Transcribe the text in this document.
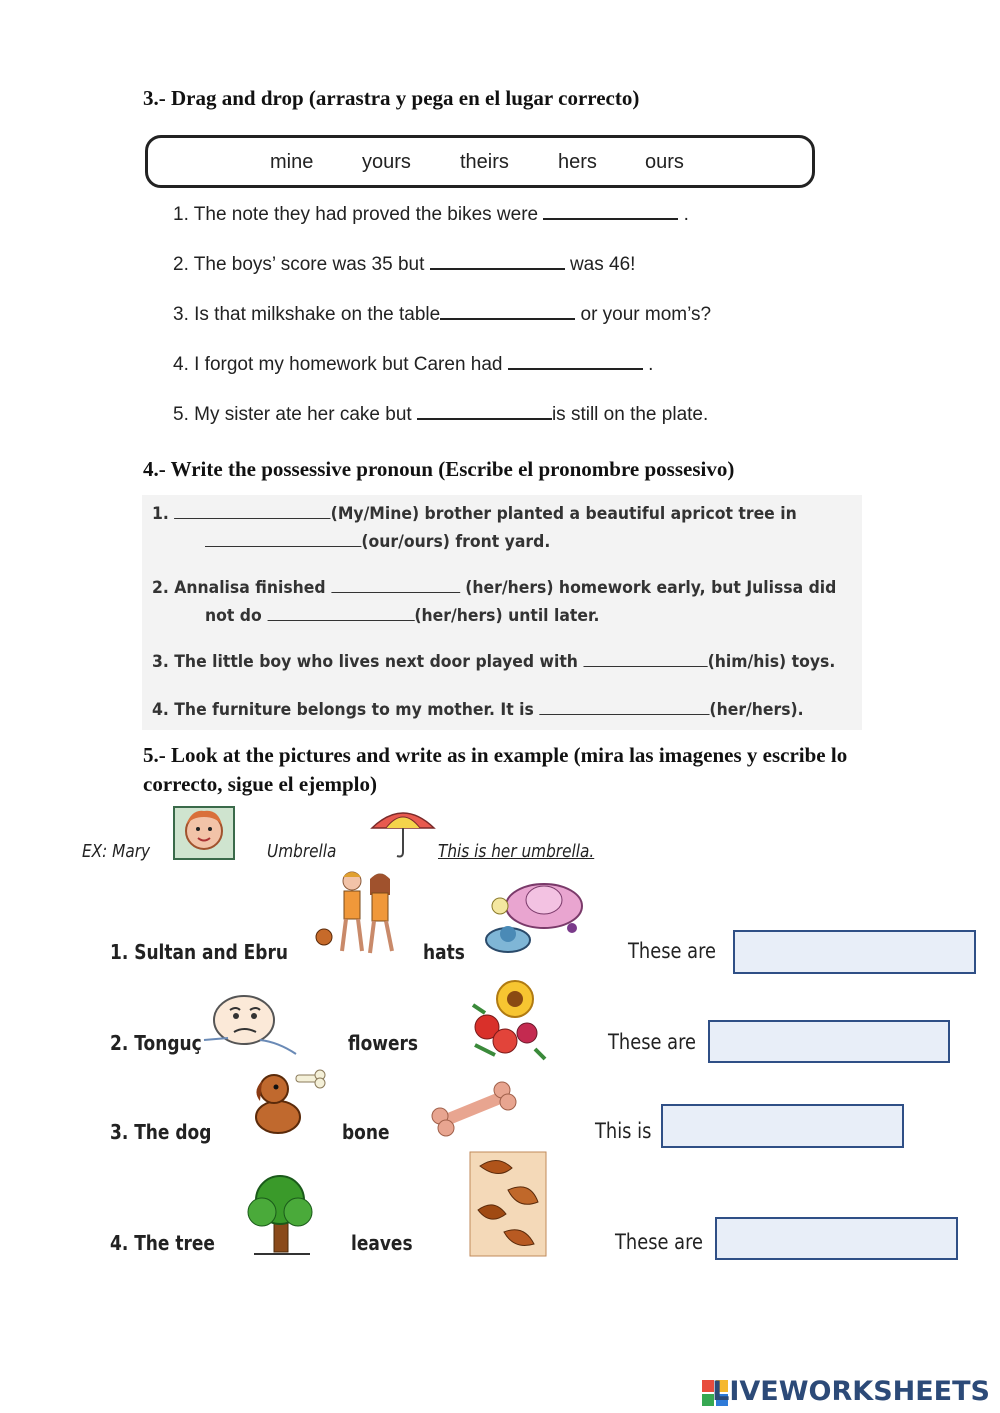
3.- Drag and drop (arrastra y pega en el lugar correcto)
mine yours theirs hers ours
1. The note they had proved the bikes were	.
2. The boys’ score was 35 but	was 46!
3. Is that milkshake on the table	or your mom’s?
4. I forgot my homework but Caren had	.
5. My sister ate her cake but	is still on the plate.
4.- Write the possessive pronoun (Escribe el pronombre possesivo)
1.	(My/Mine) brother planted a beautiful apricot tree in
(our/ours) front yard.
2. Annalisa finished	(her/hers) homework early, but Julissa did
not do	(her/hers) until later.
3. The little boy who lives next door played with	(him/his) toys.
4. The furniture belongs to my mother. It is	(her/hers).
5.- Look at the pictures and write as in example (mira las imagenes y escribe lo correcto, sigue el ejemplo)
EX: Mary	Umbrella	This is her umbrella.
1. Sultan and Ebru	hats	These are
2. Tonguç	flowers	These are
3. The dog	bone	This is
4. The tree	leaves	These are
LIVEWORKSHEETS
